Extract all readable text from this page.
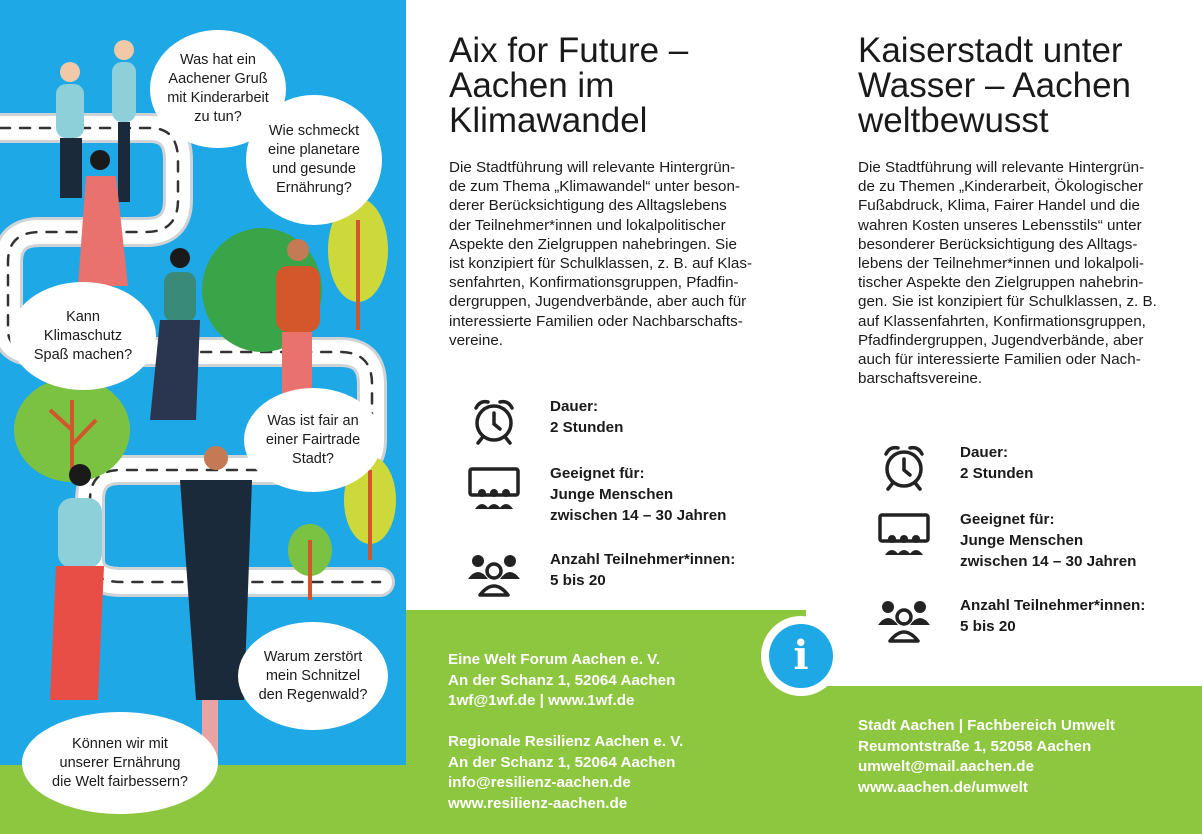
Was hat ein
Aachener Gruß
mit Kinderarbeit
zu tun?
Wie schmeckt
eine planetare
und gesunde
Ernährung?
Kann
Klimaschutz
Spaß machen?
Was ist fair an
einer Fairtrade
Stadt?
Warum zerstört
mein Schnitzel
den Regenwald?
Können wir mit
unserer Ernährung
die Welt fairbessern?
i
Aix for Future –
Aachen im
Klimawandel

Die Stadtführung will relevante Hintergrün-
de zum Thema „Klimawandel“ unter beson-
derer Berücksichtigung des Alltagslebens
der Teilnehmer*innen und lokalpolitischer
Aspekte den Zielgruppen nahebringen. Sie
ist konzipiert für Schulklassen, z. B. auf Klas-
senfahrten, Konfirmationsgruppen, Pfadfin-
dergruppen, Jugendverbände, aber auch für
interessierte Familien oder Nachbarschafts-
vereine.

Dauer:
2 Stunden
Geeignet für:
Junge Menschen
zwischen 14 – 30 Jahren
Anzahl Teilnehmer*innen:
5 bis 20
Eine Welt Forum Aachen e. V.
An der Schanz 1, 52064 Aachen
1wf@1wf.de | www.1wf.de

Regionale Resilienz Aachen e. V.
An der Schanz 1, 52064 Aachen
info@resilienz-aachen.de
www.resilienz-aachen.de
Kaiserstadt unter
Wasser – Aachen
weltbewusst

Die Stadtführung will relevante Hintergrün-
de zu Themen „Kinderarbeit, Ökologischer
Fußabdruck, Klima, Fairer Handel und die
wahren Kosten unseres Lebensstils“ unter
besonderer Berücksichtigung des Alltags-
lebens der Teilnehmer*innen und lokalpoli-
tischer Aspekte den Zielgruppen nahebrin-
gen. Sie ist konzipiert für Schulklassen, z. B.
auf Klassenfahrten, Konfirmationsgruppen,
Pfadfindergruppen, Jugendverbände, aber
auch für interessierte Familien oder Nach-
barschaftsvereine.

Dauer:
2 Stunden
Geeignet für:
Junge Menschen
zwischen 14 – 30 Jahren
Anzahl Teilnehmer*innen:
5 bis 20
Stadt Aachen | Fachbereich Umwelt
Reumontstraße 1, 52058 Aachen
umwelt@mail.aachen.de
www.aachen.de/umwelt
